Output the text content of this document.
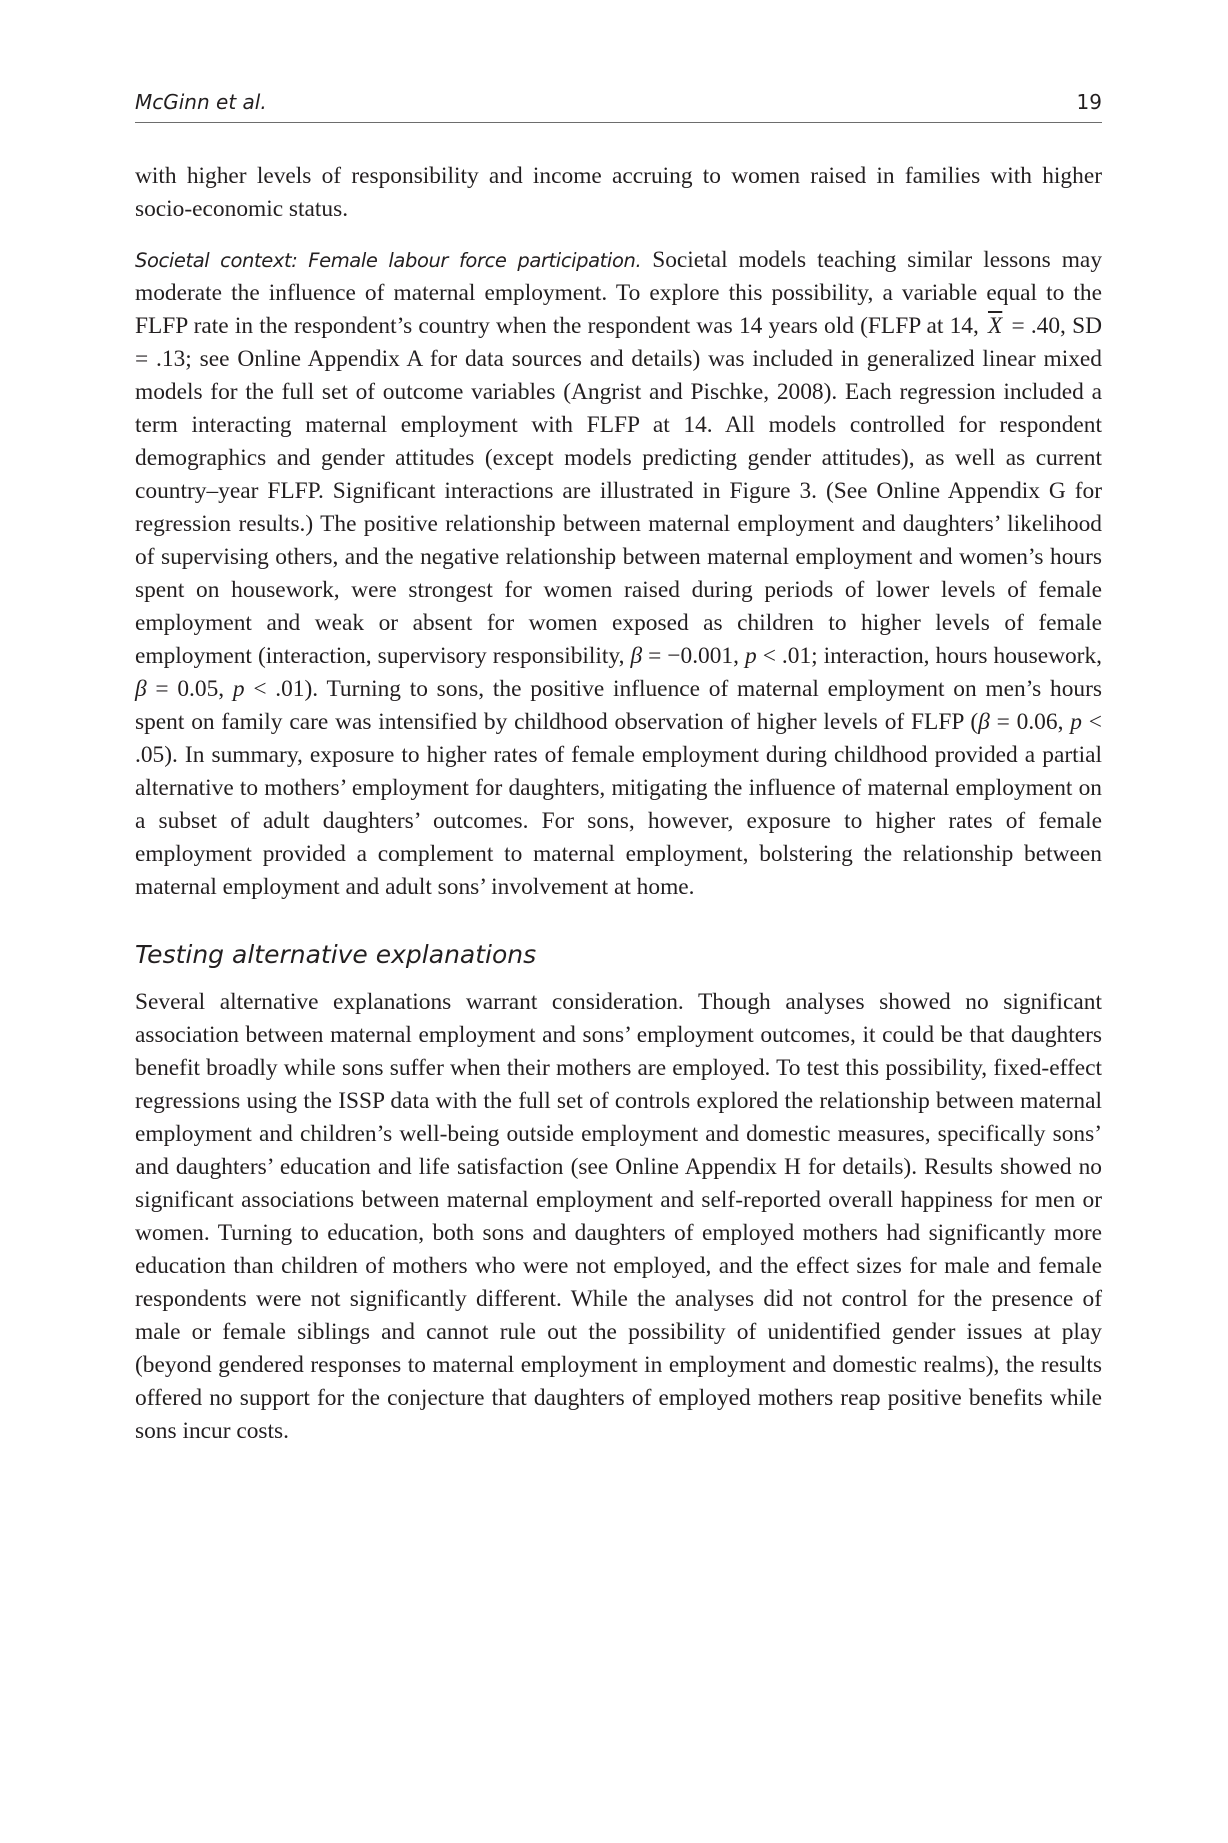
McGinn et al.	19

with higher levels of responsibility and income accruing to women raised in families with higher socio-economic status.

Societal context: Female labour force participation. Societal models teaching similar lessons may moderate the influence of maternal employment. To explore this possibility, a variable equal to the FLFP rate in the respondent’s country when the respondent was 14 years old (FLFP at 14, $\overline{X} = .40$, SD = .13; see Online Appendix A for data sources and details) was included in generalized linear mixed models for the full set of outcome variables (Angrist and Pischke, 2008). Each regression included a term interacting maternal employment with FLFP at 14. All models controlled for respondent demographics and gender attitudes (except models predicting gender attitudes), as well as current country–year FLFP. Significant interactions are illustrated in Figure 3. (See Online Appendix G for regression results.) The positive relationship between maternal employment and daughters’ likelihood of supervising others, and the negative relationship between maternal employment and women’s hours spent on housework, were strongest for women raised during periods of lower levels of female employment and weak or absent for women exposed as children to higher levels of female employment (interaction, supervisory responsibility, β = −0.001, p < .01; interaction, hours housework, β = 0.05, p < .01). Turning to sons, the positive influence of maternal employment on men’s hours spent on family care was intensified by childhood observation of higher levels of FLFP (β = 0.06, p < .05). In summary, exposure to higher rates of female employment during childhood provided a partial alternative to mothers’ employment for daughters, mitigating the influence of maternal employment on a subset of adult daughters’ outcomes. For sons, however, exposure to higher rates of female employment provided a complement to maternal employment, bolstering the relationship between maternal employment and adult sons’ involvement at home.

Testing alternative explanations

Several alternative explanations warrant consideration. Though analyses showed no significant association between maternal employment and sons’ employment outcomes, it could be that daughters benefit broadly while sons suffer when their mothers are employed. To test this possibility, fixed-effect regressions using the ISSP data with the full set of controls explored the relationship between maternal employment and children’s well-being outside employment and domestic measures, specifically sons’ and daughters’ education and life satisfaction (see Online Appendix H for details). Results showed no significant associations between maternal employment and self-reported overall happiness for men or women. Turning to education, both sons and daughters of employed mothers had significantly more education than children of mothers who were not employed, and the effect sizes for male and female respondents were not significantly different. While the analyses did not control for the presence of male or female siblings and cannot rule out the possibility of unidentified gender issues at play (beyond gendered responses to maternal employment in employment and domestic realms), the results offered no support for the conjecture that daughters of employed mothers reap positive benefits while sons incur costs.
